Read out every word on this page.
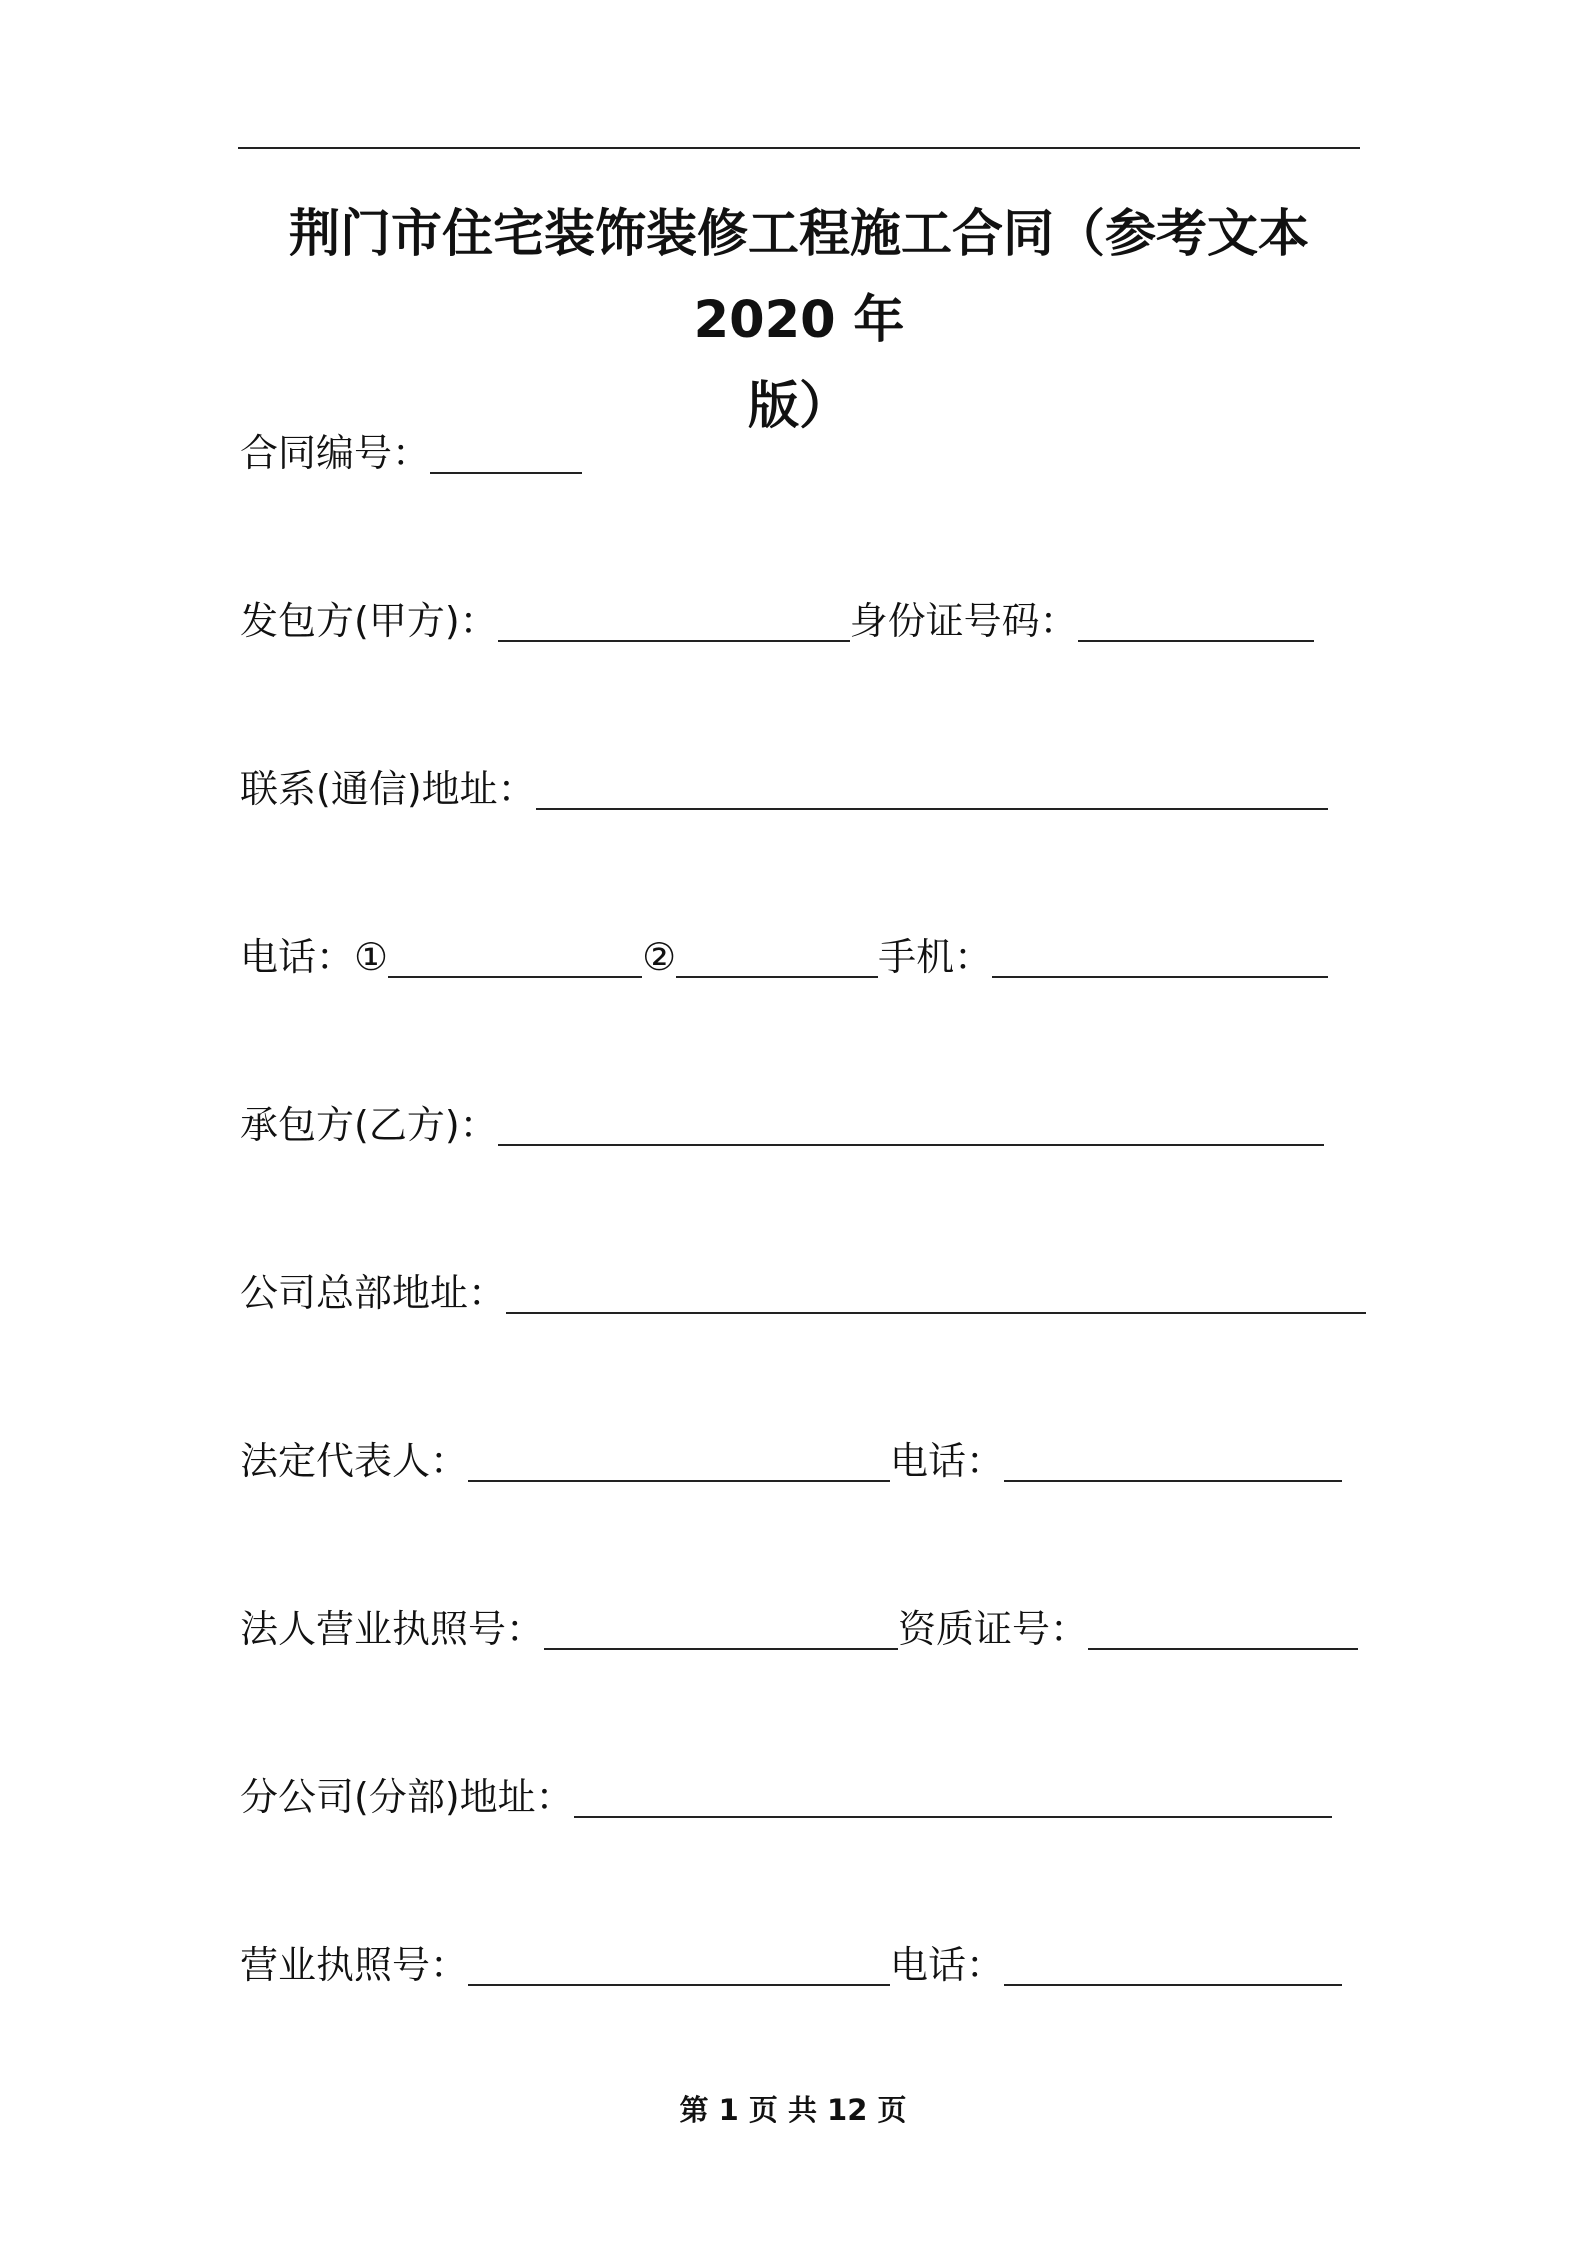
荆门市住宅装饰装修工程施工合同（参考文本 2020 年
版）
合同编号：
发包方(甲方)：	身份证号码：
联系(通信)地址：
电话： ①	②	手机：
承包方(乙方)：
公司总部地址：
法定代表人：	电话：
法人营业执照号：	资质证号：
分公司(分部)地址：
营业执照号：	电话：
第 1 页 共 12 页
